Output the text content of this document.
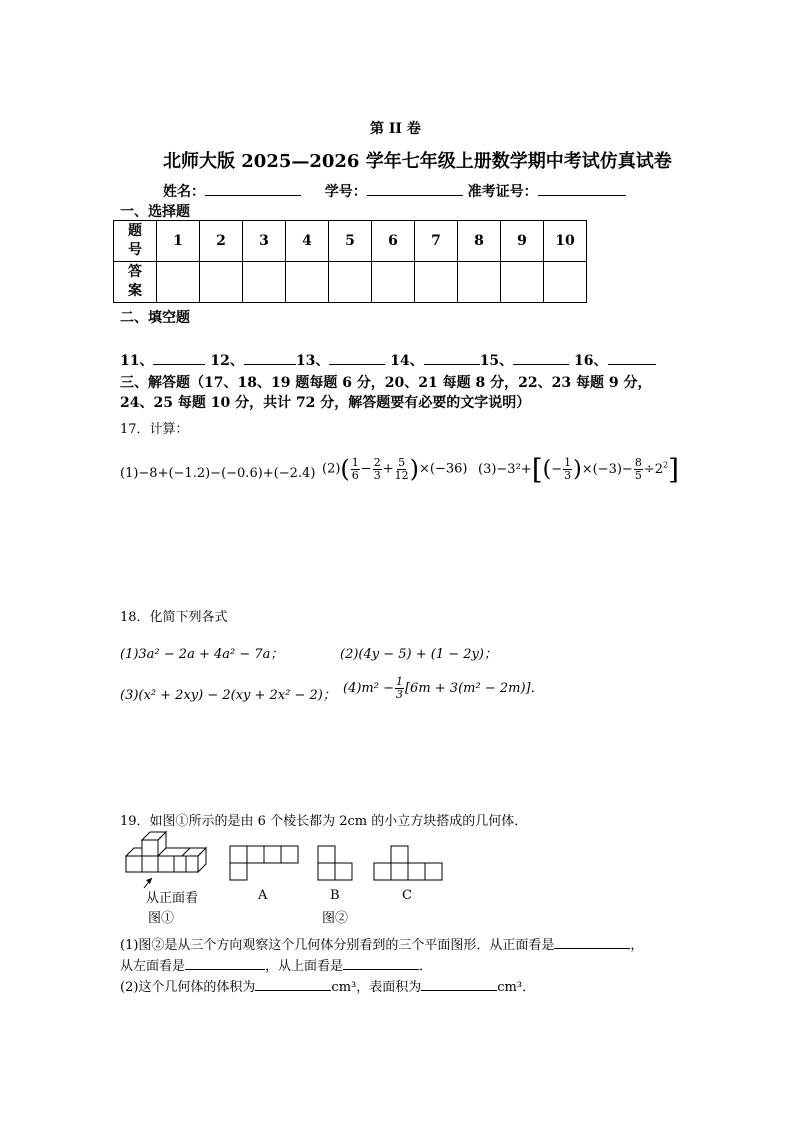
第 II 卷
北师大版 2025—2026 学年七年级上册数学期中考试仿真试卷
姓名：	学号：	准考证号：
一、选择题
题号	1	2	3	4	5	6	7	8	9	10
答案										
二、填空题
11、	12、	13、	14、	15、	16、
三、解答题（17、18、19 题每题 6 分，20、21 每题 8 分，22、23 每题 9 分，
24、25 每题 10 分，共计 72 分，解答题要有必要的文字说明）
17．计算：
(1)−8+(−1.2)−(−0.6)+(−2.4) $(2)( \frac{1}{6} - \frac{2}{3} + \frac{5}{12} )\times(-36)$ $(3)-3^2+[(- \frac{1}{3} )\times(-3)- \frac{8}{5} \div 2^2]$
18．化简下列各式
(1)3a² − 2a + 4a² − 7a；	(2)(4y − 5) + (1 − 2y)；
(3)(x² + 2xy) − 2(xy + 2x² − 2)； $(4)m^2 - \frac{1}{3} [6m + 3(m^2 - 2m)]$．
19．如图①所示的是由 6 个棱长都为 2cm 的小立方块搭成的几何体．
从正面看
图①
A	B
图②
C
(1)图②是从三个方向观察这个几何体分别看到的三个平面图形．从正面看是	，
从左面看是	，从上面看是	．
(2)这个几何体的体积为	cm³，表面积为	cm³．
